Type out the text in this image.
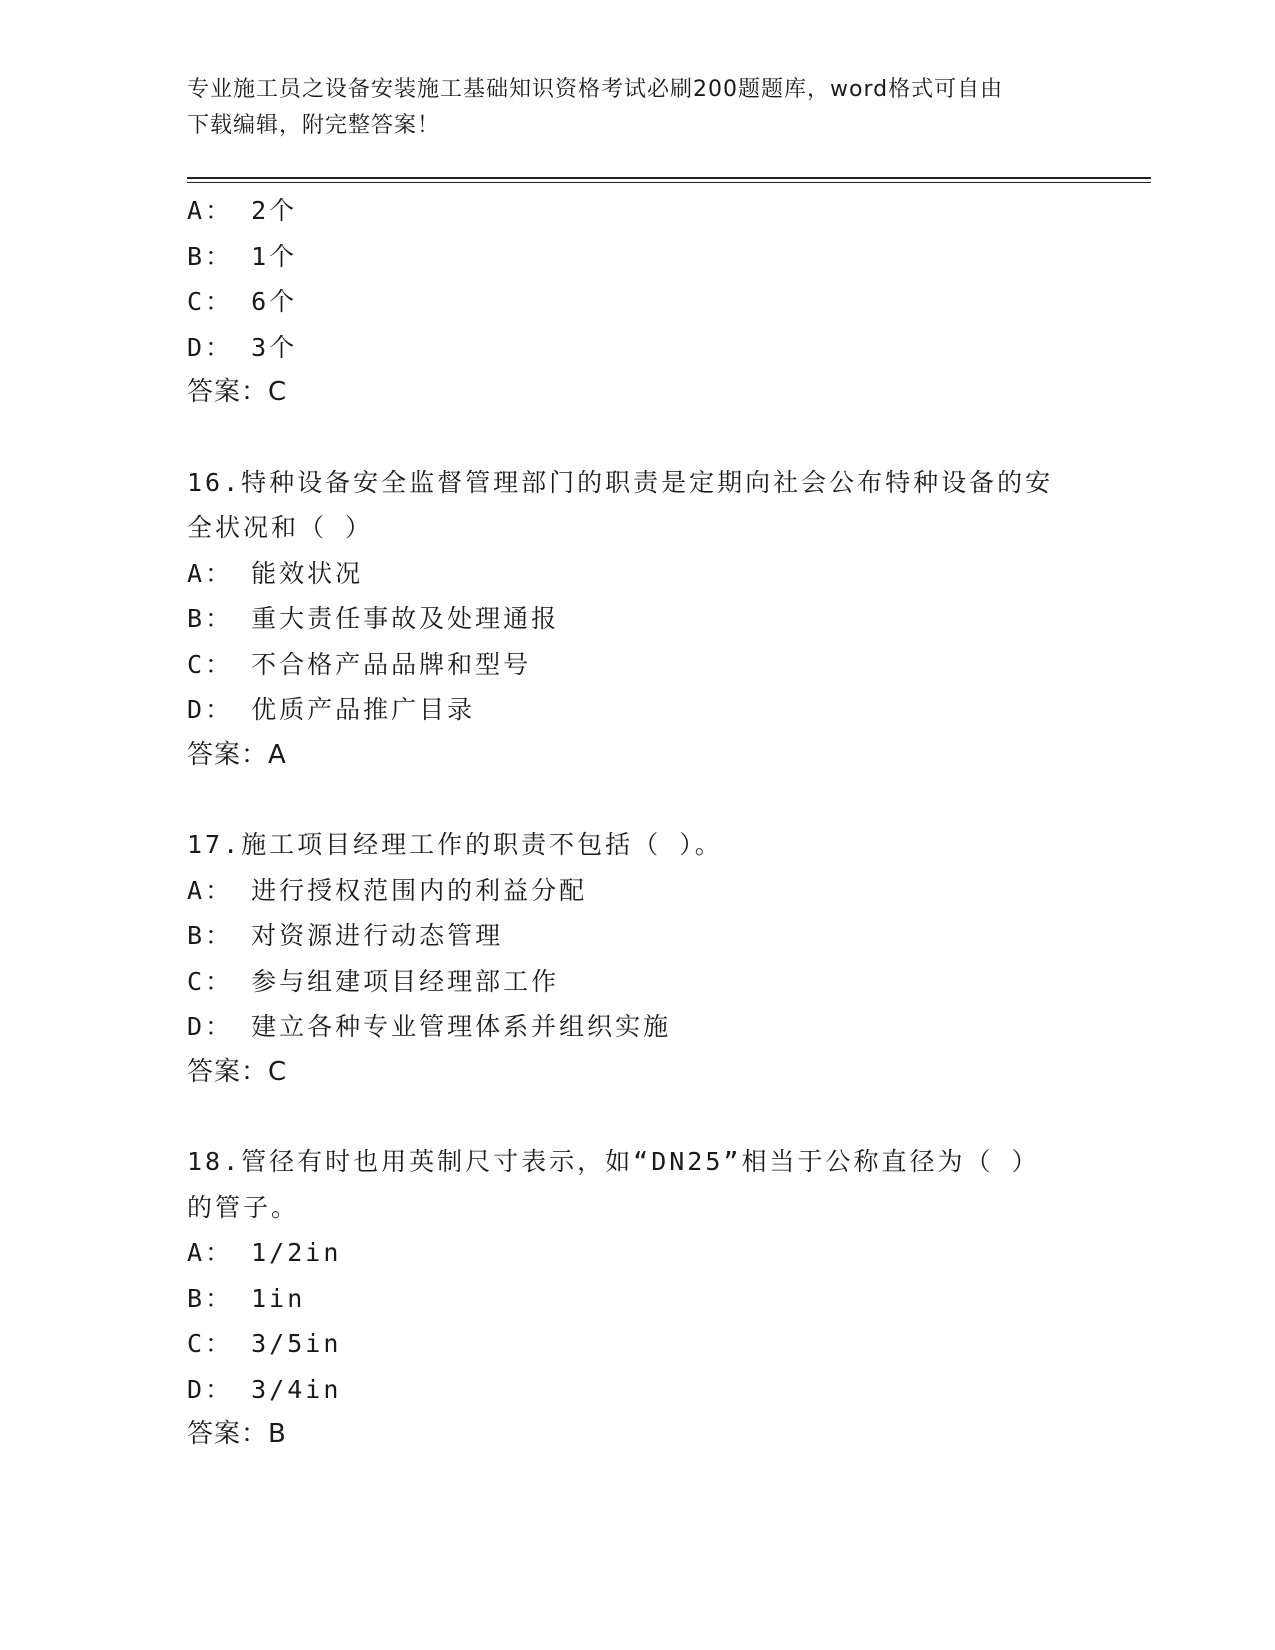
专业施工员之设备安装施工基础知识资格考试必刷200题题库，word格式可自由
下载编辑，附完整答案！
A： 2个
B： 1个
C： 6个
D： 3个
答案：C
16.特种设备安全监督管理部门的职责是定期向社会公布特种设备的安
全状况和（ ）
A： 能效状况
B： 重大责任事故及处理通报
C： 不合格产品品牌和型号
D： 优质产品推广目录
答案：A
17.施工项目经理工作的职责不包括（ ）。
A： 进行授权范围内的利益分配
B： 对资源进行动态管理
C： 参与组建项目经理部工作
D： 建立各种专业管理体系并组织实施
答案：C
18.管径有时也用英制尺寸表示，如“DN25”相当于公称直径为（ ）
的管子。
A： 1/2in
B： 1in
C： 3/5in
D： 3/4in
答案：B
